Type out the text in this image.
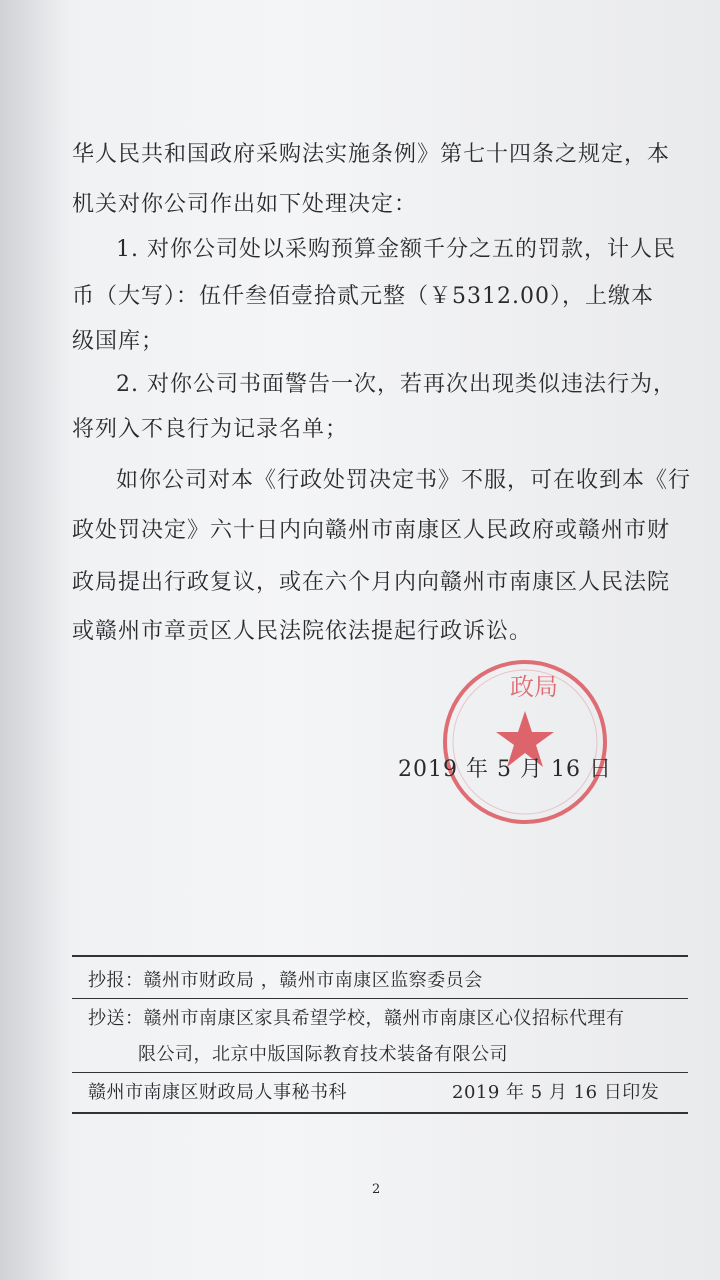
华人民共和国政府采购法实施条例》第七十四条之规定，本
机关对你公司作出如下处理决定：
1. 对你公司处以采购预算金额千分之五的罚款，计人民
币（大写）：伍仟叁佰壹拾贰元整（￥5312.00），上缴本
级国库；
2. 对你公司书面警告一次，若再次出现类似违法行为，
将列入不良行为记录名单；
如你公司对本《行政处罚决定书》不服，可在收到本《行
政处罚决定》六十日内向赣州市南康区人民政府或赣州市财
政局提出行政复议，或在六个月内向赣州市南康区人民法院
或赣州市章贡区人民法院依法提起行政诉讼。
政局
2019 年 5 月 16 日
抄报：赣州市财政局 ，赣州市南康区监察委员会
抄送：赣州市南康区家具希望学校，赣州市南康区心仪招标代理有
限公司，北京中版国际教育技术装备有限公司
赣州市南康区财政局人事秘书科	2019 年 5 月 16 日印发
2
